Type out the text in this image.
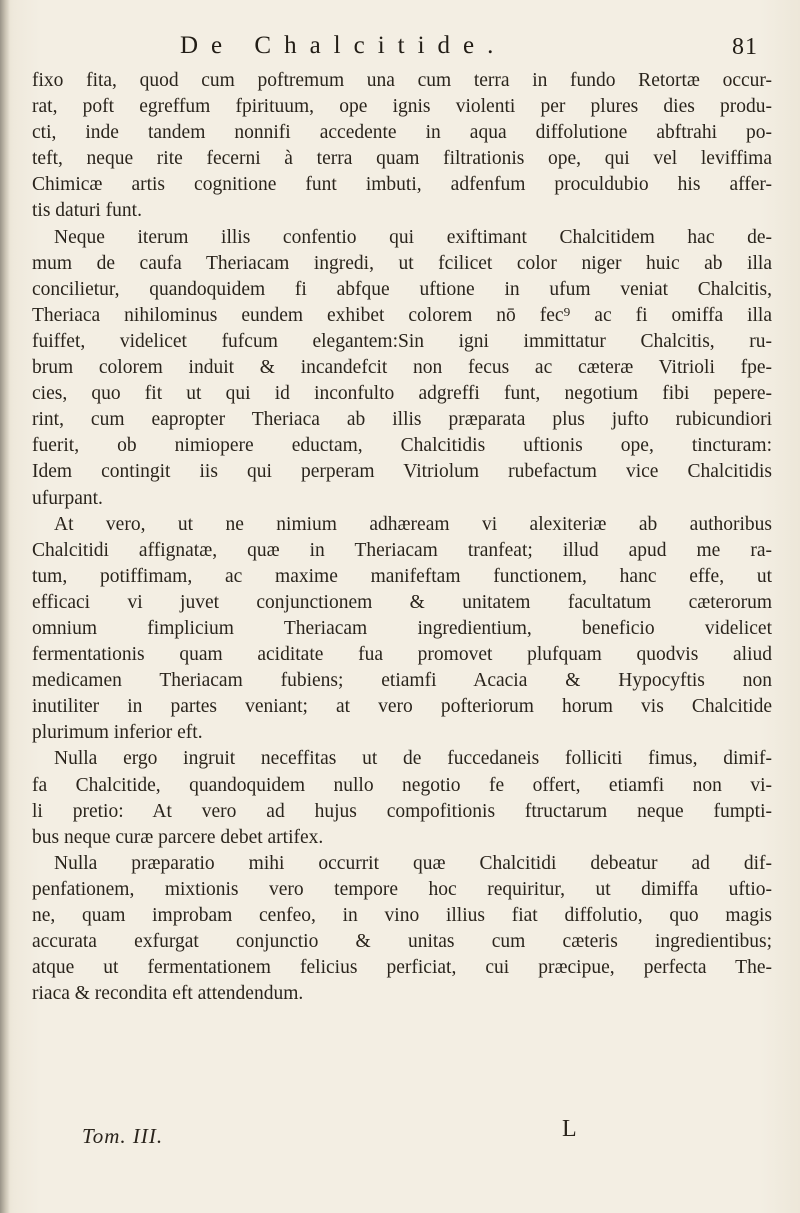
De Chalcitide.	81
fixo fita, quod cum poftremum una cum terra in fundo Retortæ occur-
rat, poft egreffum fpirituum, ope ignis violenti per plures dies produ-
cti, inde tandem nonnifi accedente in aqua diffolutione abftrahi po-
teft, neque rite fecerni à terra quam filtrationis ope, qui vel leviffima
Chimicæ artis cognitione funt imbuti, adfenfum proculdubio his affer-
tis daturi funt.
Neque iterum illis confentio qui exiftimant Chalcitidem hac de-
mum de caufa Theriacam ingredi, ut fcilicet color niger huic ab illa
concilietur, quandoquidem fi abfque uftione in ufum veniat Chalcitis,
Theriaca nihilominus eundem exhibet colorem nō fec⁹ ac fi omiffa illa
fuiffet, videlicet fufcum elegantem:Sin igni immittatur Chalcitis, ru-
brum colorem induit & incandefcit non fecus ac cæteræ Vitrioli fpe-
cies, quo fit ut qui id inconfulto adgreffi funt, negotium fibi pepere-
rint, cum eapropter Theriaca ab illis præparata plus jufto rubicundiori
fuerit, ob nimiopere eductam, Chalcitidis uftionis ope, tincturam:
Idem contingit iis qui perperam Vitriolum rubefactum vice Chalcitidis
ufurpant.
At vero, ut ne nimium adhæream vi alexiteriæ ab authoribus
Chalcitidi affignatæ, quæ in Theriacam tranfeat; illud apud me ra-
tum, potiffimam, ac maxime manifeftam functionem, hanc effe, ut
efficaci vi juvet conjunctionem & unitatem facultatum cæterorum
omnium fimplicium Theriacam ingredientium, beneficio videlicet
fermentationis quam aciditate fua promovet plufquam quodvis aliud
medicamen Theriacam fubiens; etiamfi Acacia & Hypocyftis non
inutiliter in partes veniant; at vero pofteriorum horum vis Chalcitide
plurimum inferior eft.
Nulla ergo ingruit neceffitas ut de fuccedaneis folliciti fimus, dimif-
fa Chalcitide, quandoquidem nullo negotio fe offert, etiamfi non vi-
li pretio: At vero ad hujus compofitionis ftructarum neque fumpti-
bus neque curæ parcere debet artifex.
Nulla præparatio mihi occurrit quæ Chalcitidi debeatur ad dif-
penfationem, mixtionis vero tempore hoc requiritur, ut dimiffa uftio-
ne, quam improbam cenfeo, in vino illius fiat diffolutio, quo magis
accurata exfurgat conjunctio & unitas cum cæteris ingredientibus;
atque ut fermentationem felicius perficiat, cui præcipue, perfecta The-
riaca & recondita eft attendendum.
Tom. III.	L
